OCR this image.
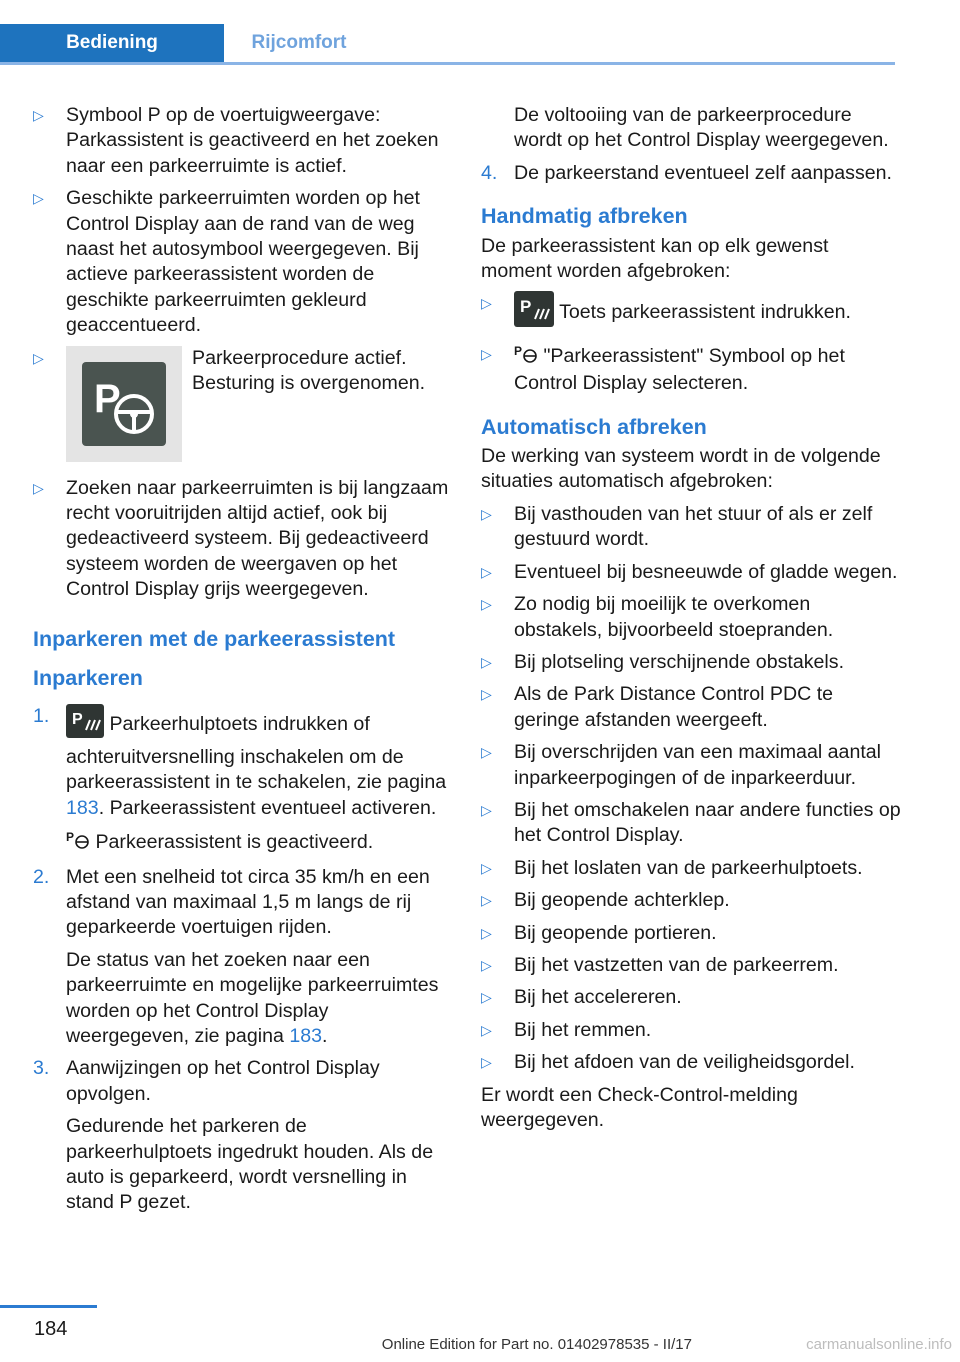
Bediening	Rijcomfort
▷ Symbool P op de voertuigweergave: Parkassistent is geactiveerd en het zoeken naar een parkeerruimte is actief.
▷ Geschikte parkeerruimten worden op het Control Display aan de rand van de weg naast het autosymbool weergegeven. Bij actieve parkeerassistent worden de geschikte parkeerruimten gekleurd geaccentueerd.
▷
P
Parkeerprocedure actief. Besturing is overgenomen.
▷ Zoeken naar parkeerruimten is bij langzaam recht vooruitrijden altijd actief, ook bij gedeactiveerd systeem. Bij gedeactiveerd systeem worden de weergaven op het Control Display grijs weergegeven.
Inparkeren met de parkeerassistent
Inparkeren
1. P Parkeerhulptoets indrukken of achteruitversnelling inschakelen om de parkeerassistent in te schakelen, zie pagina 183. Parkeerassistent eventueel activeren.
P Parkeerassistent is geactiveerd.
2. Met een snelheid tot circa 35 km/h en een afstand van maximaal 1,5 m langs de rij geparkeerde voertuigen rijden.
De status van het zoeken naar een parkeerruimte en mogelijke parkeerruimtes worden op het Control Display weergegeven, zie pagina 183.
3. Aanwijzingen op het Control Display opvolgen.
Gedurende het parkeren de parkeerhulptoets ingedrukt houden. Als de auto is geparkeerd, wordt versnelling in stand P gezet.
De voltooiing van de parkeerprocedure wordt op het Control Display weergegeven.
4. De parkeerstand eventueel zelf aanpassen.
Handmatig afbreken
De parkeerassistent kan op elk gewenst moment worden afgebroken:
▷ P Toets parkeerassistent indrukken.
▷ P "Parkeerassistent" Symbool op het Control Display selecteren.
Automatisch afbreken
De werking van systeem wordt in de volgende situaties automatisch afgebroken:
▷ Bij vasthouden van het stuur of als er zelf gestuurd wordt.
▷ Eventueel bij besneeuwde of gladde wegen.
▷ Zo nodig bij moeilijk te overkomen obstakels, bijvoorbeeld stoepranden.
▷ Bij plotseling verschijnende obstakels.
▷ Als de Park Distance Control PDC te geringe afstanden weergeeft.
▷ Bij overschrijden van een maximaal aantal inparkeerpogingen of de inparkeerduur.
▷ Bij het omschakelen naar andere functies op het Control Display.
▷ Bij het loslaten van de parkeerhulptoets.
▷ Bij geopende achterklep.
▷ Bij geopende portieren.
▷ Bij het vastzetten van de parkeerrem.
▷ Bij het accelereren.
▷ Bij het remmen.
▷ Bij het afdoen van de veiligheidsgordel.
Er wordt een Check-Control-melding weergegeven.
184
Online Edition for Part no. 01402978535 - II/17	carmanualsonline.info
